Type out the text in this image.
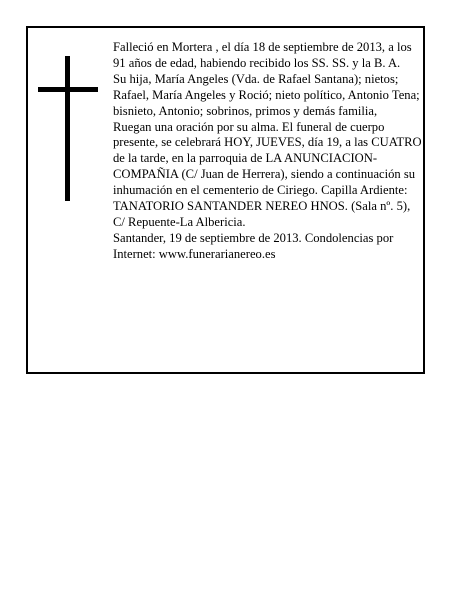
Falleció en Mortera , el día 18 de septiembre de 2013, a los 91 años de edad, habiendo recibido los SS. SS. y la B. A.

Su hija, María Angeles (Vda. de Rafael Santana); nietos; Rafael, María Angeles y Roció; nieto político, Antonio Tena; bisnieto, Antonio; sobrinos, primos y demás familia,

Ruegan una oración por su alma. El funeral de cuerpo presente, se celebrará HOY, JUEVES, día 19, a las CUATRO de la tarde, en la parroquia de LA ANUNCIACION-COMPAÑIA (C/ Juan de Herrera), siendo a continuación su inhumación en el cementerio de Ciriego. Capilla Ardiente: TANATORIO SANTANDER NEREO HNOS. (Sala nº. 5), C/ Repuente-La Albericia.

Santander, 19 de septiembre de 2013. Condolencias por Internet: www.funerarianereo.es
